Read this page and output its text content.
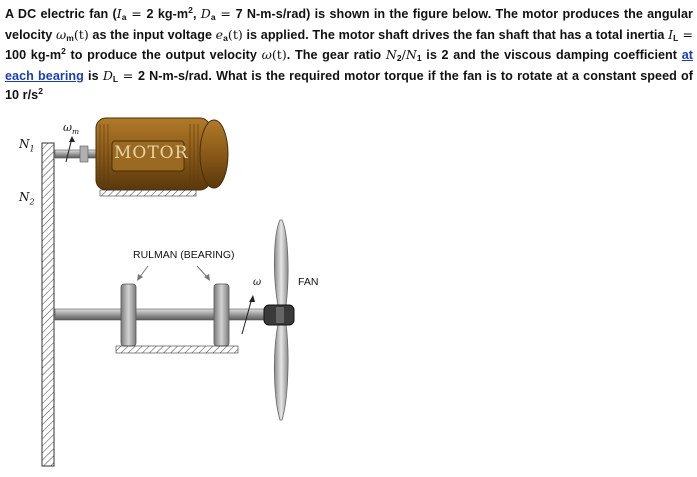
A DC electric fan ($I_a = 2$ $kg-m^2$, $D_a = 7$ N-m-s/rad) is shown in the figure below. The motor produces the angular velocity $\omega_m(t)$ as the input voltage $e_a(t)$ is applied. The motor shaft drives the fan shaft that has a total inertia $I_L = 100$ $kg-m^2$ to produce the output velocity ω(t). The gear ratio $N_2/N_1$ is 2 and the viscous damping coefficient at each bearing is $D_L = 2$ N-m-s/rad. What is the required motor torque if the fan is to rotate at a constant speed of 10 $r/s^2$
$N_1$
$N_2$
$\omega_m$
MOTOR
RULMAN (BEARING)
ω	FAN
